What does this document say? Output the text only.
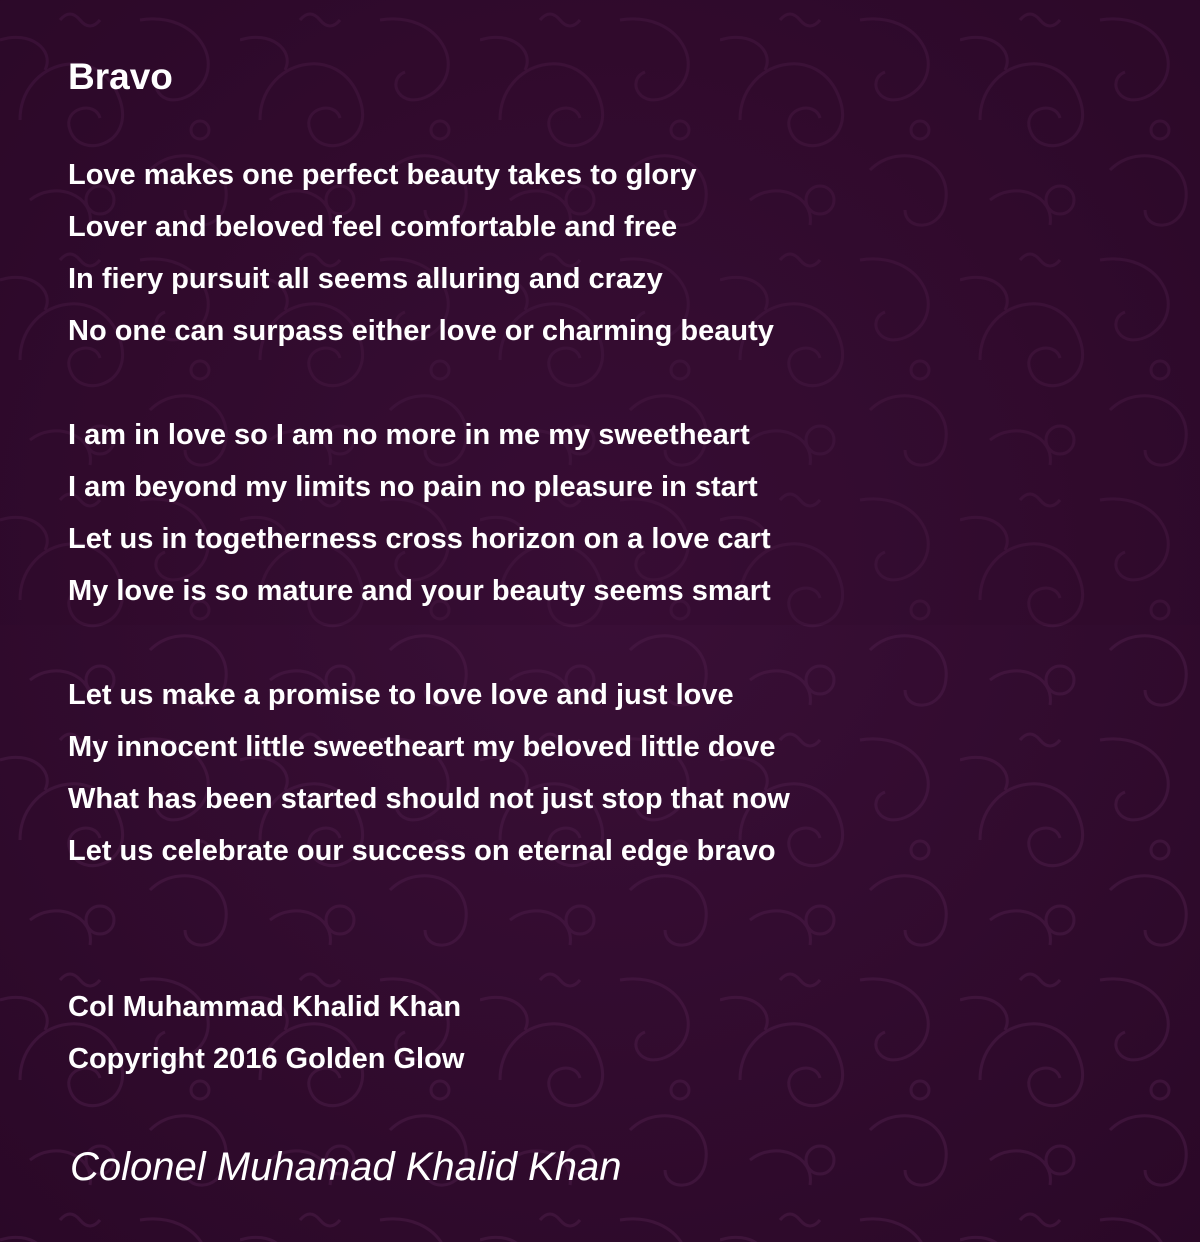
Bravo
Love makes one perfect beauty takes to glory
Lover and beloved feel comfortable and free
In fiery pursuit all seems alluring and crazy
No one can surpass either love or charming beauty
I am in love so I am no more in me my sweetheart
I am beyond my limits no pain no pleasure in start
Let us in togetherness cross horizon on a love cart
My love is so mature and your beauty seems smart
Let us make a promise to love love and just love
My innocent little sweetheart my beloved little dove
What has been started should not just stop that now
Let us celebrate our success on eternal edge bravo
Col Muhammad Khalid Khan
Copyright 2016 Golden Glow
Colonel Muhamad Khalid Khan
